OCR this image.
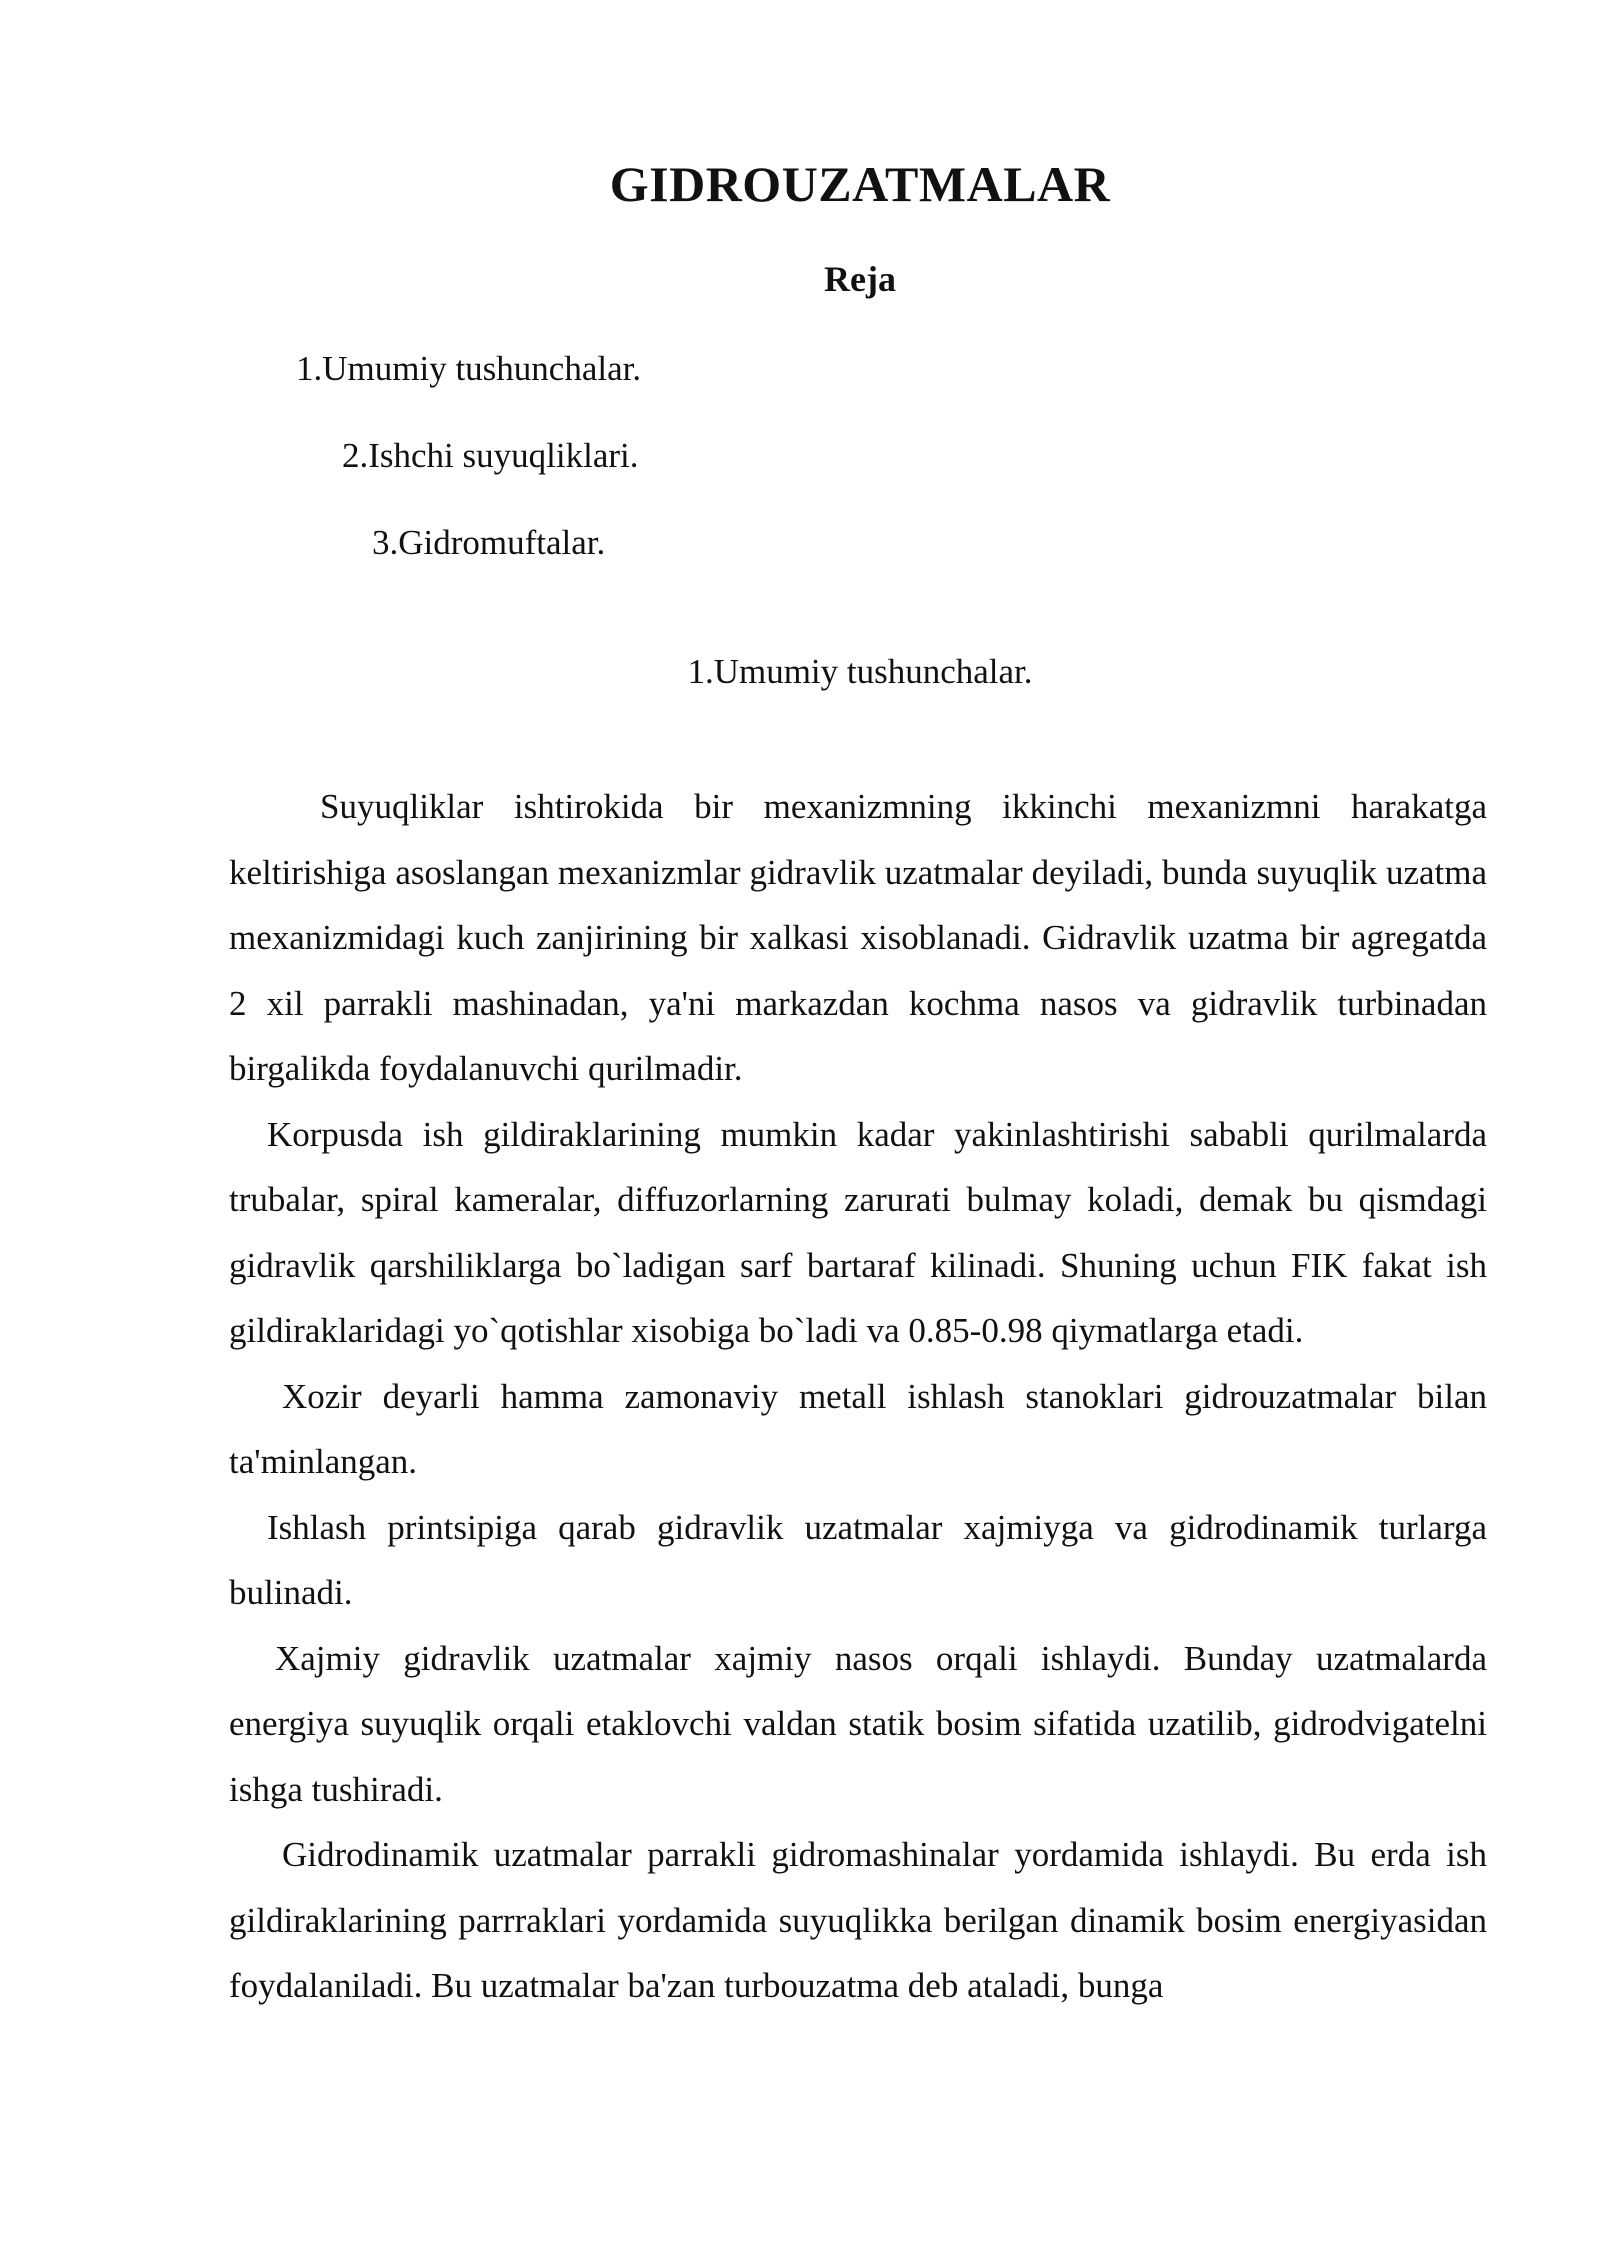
GIDROUZATMALAR
Reja
1.Umumiy tushunchalar.
2.Ishchi suyuqliklari.
3.Gidromuftalar.
1.Umumiy tushunchalar.

Suyuqliklar ishtirokida bir mexanizmning ikkinchi mexanizmni harakatga keltirishiga asoslangan mexanizmlar gidravlik uzatmalar deyiladi, bunda suyuqlik uzatma mexanizmidagi kuch zanjirining bir xalkasi xisoblanadi. Gidravlik uzatma bir agregatda 2 xil parrakli mashinadan, ya'ni markazdan kochma nasos va gidravlik turbinadan birgalikda foydalanuvchi qurilmadir.

Korpusda ish gildiraklarining mumkin kadar yakinlashtirishi sababli qurilmalarda trubalar, spiral kameralar, diffuzorlarning zarurati bulmay koladi, demak bu qismdagi gidravlik qarshiliklarga bo`ladigan sarf bartaraf kilinadi. Shuning uchun FIK fakat ish gildiraklaridagi yo`qotishlar xisobiga bo`ladi va 0.85-0.98 qiymatlarga etadi.

Xozir deyarli hamma zamonaviy metall ishlash stanoklari gidrouzatmalar bilan ta'minlangan.

Ishlash printsipiga qarab gidravlik uzatmalar xajmiyga va gidrodinamik turlarga bulinadi.

Xajmiy gidravlik uzatmalar xajmiy nasos orqali ishlaydi. Bunday uzatmalarda energiya suyuqlik orqali etaklovchi valdan statik bosim sifatida uzatilib, gidrodvigatelni ishga tushiradi.

Gidrodinamik uzatmalar parrakli gidromashinalar yordamida ishlaydi. Bu erda ish gildiraklarining parrraklari yordamida suyuqlikka berilgan dinamik bosim energiyasidan foydalaniladi. Bu uzatmalar ba'zan turbouzatma deb ataladi, bunga
